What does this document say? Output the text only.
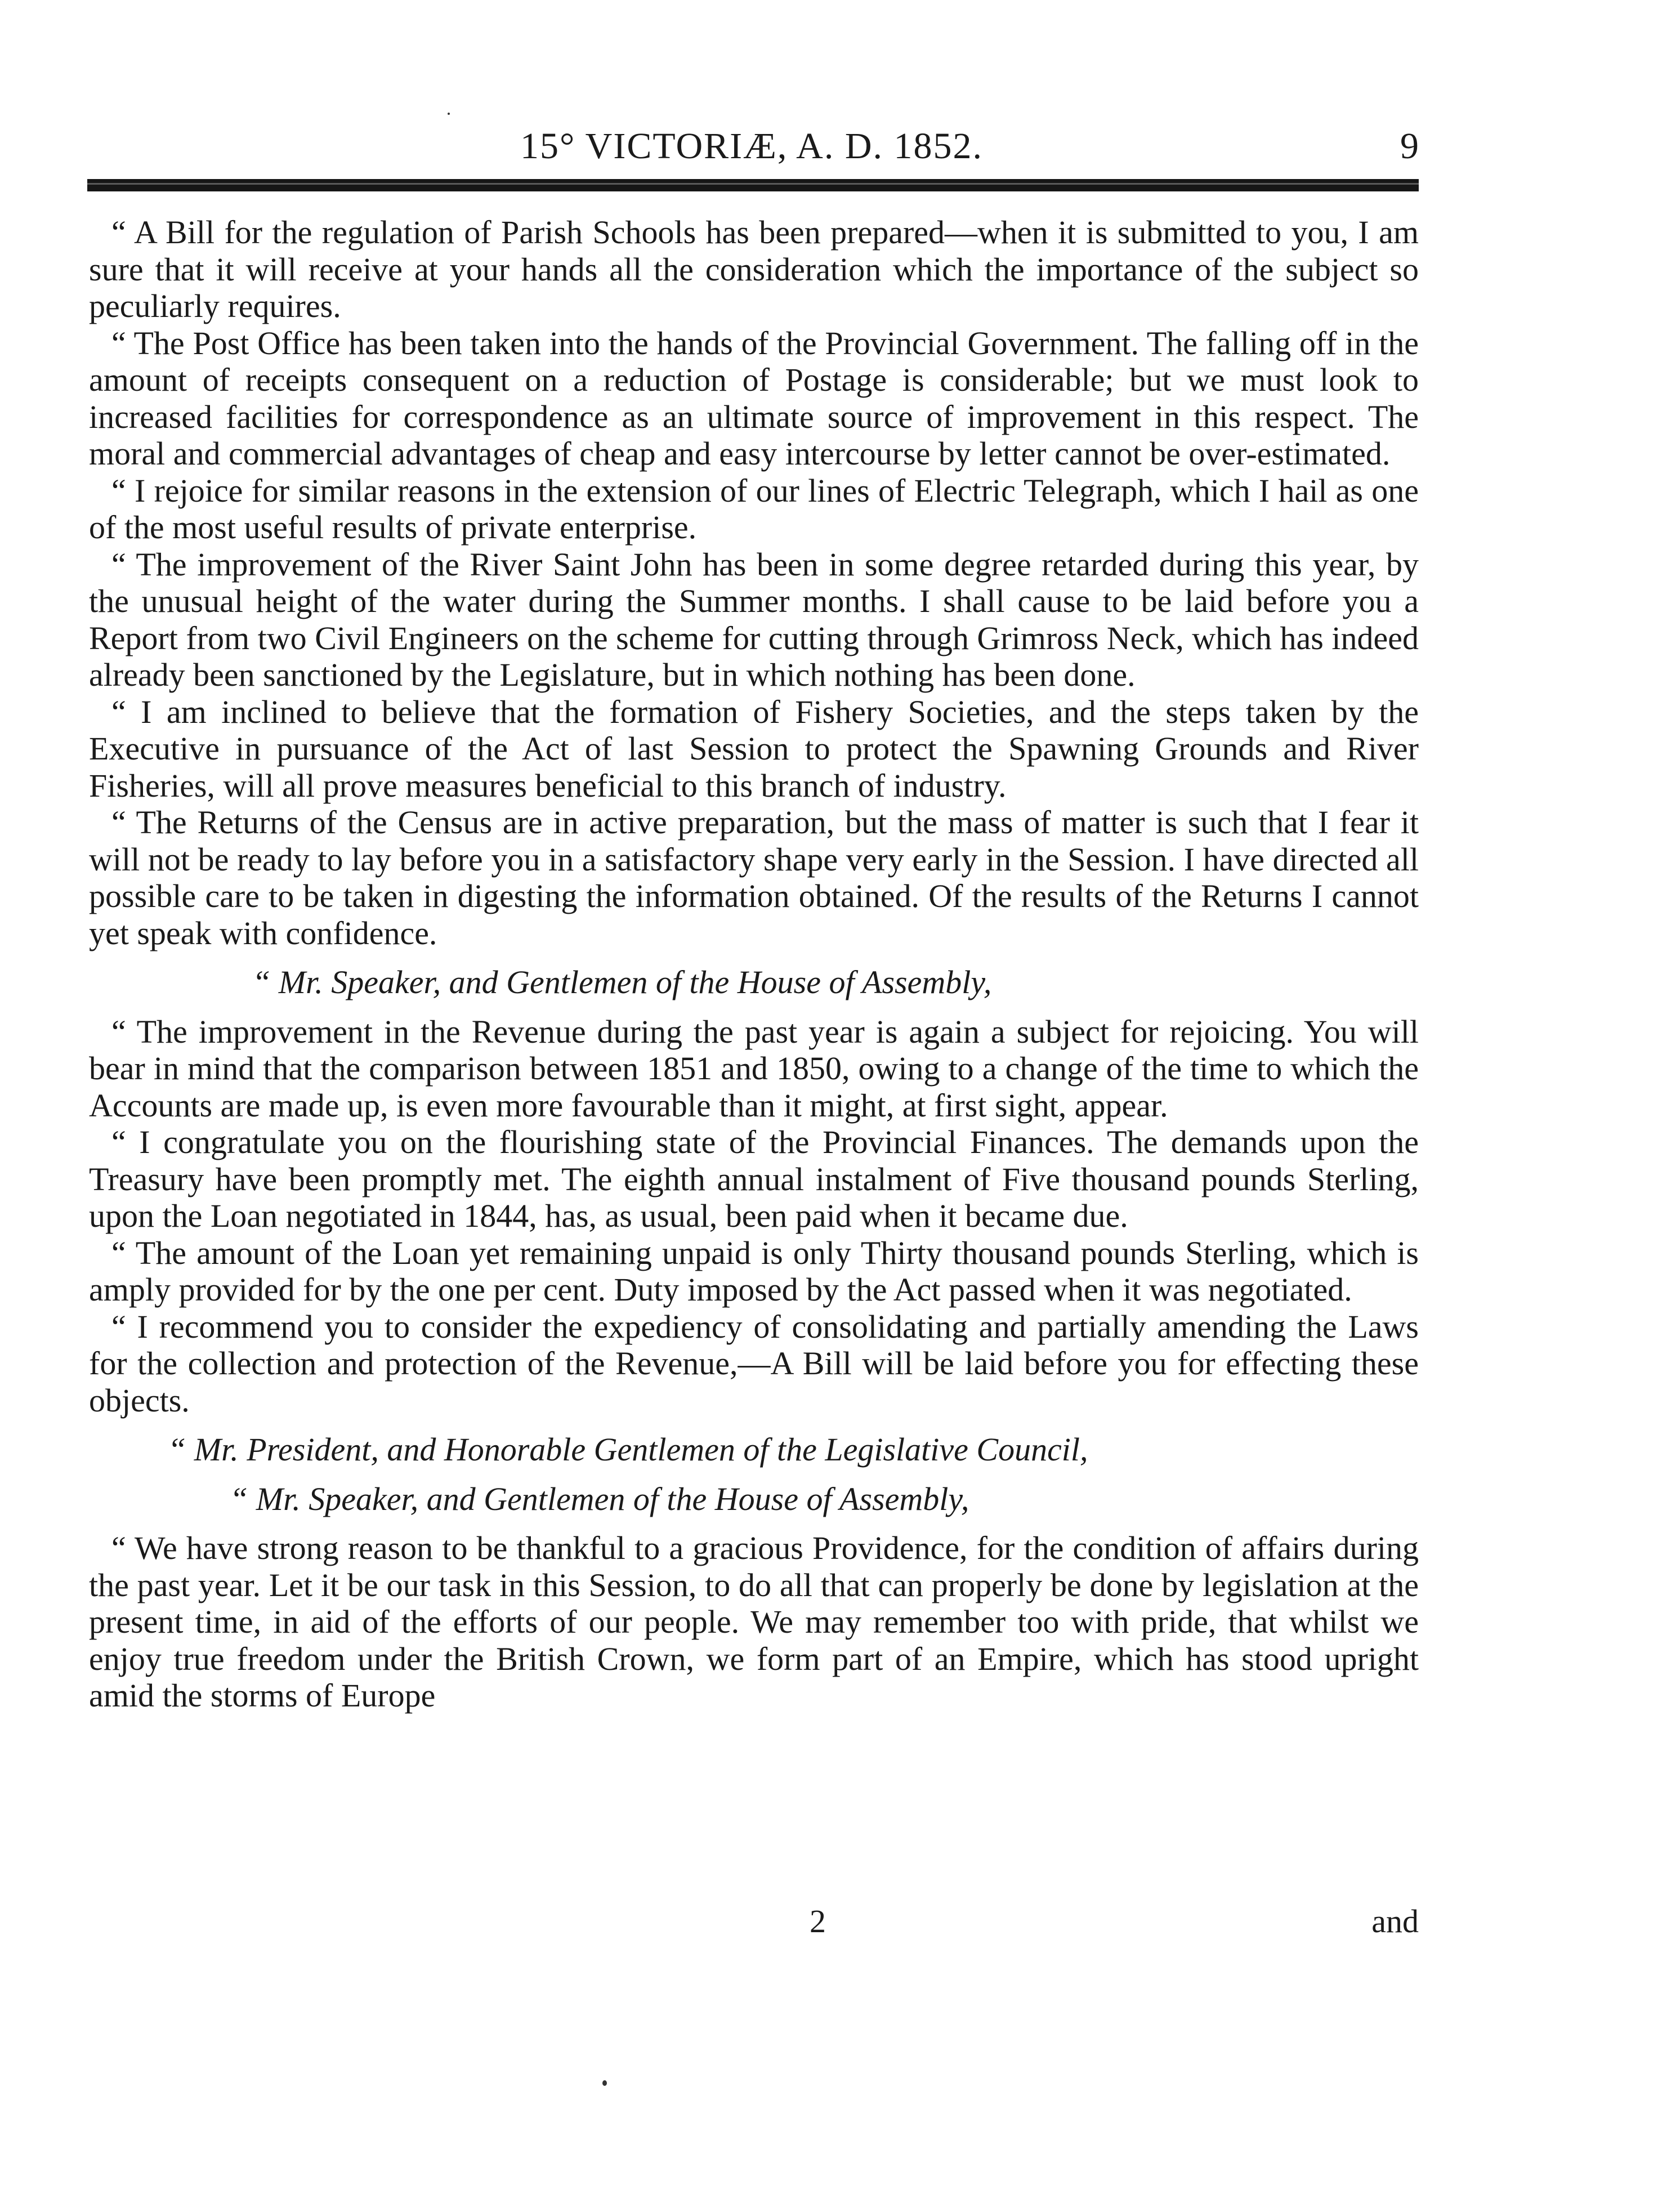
15° VICTORIÆ, A. D. 1852.	9

“ A Bill for the regulation of Parish Schools has been prepared—when it is submitted to you, I am sure that it will receive at your hands all the consideration which the importance of the subject so peculiarly requires.

“ The Post Office has been taken into the hands of the Provincial Government. The falling off in the amount of receipts consequent on a reduction of Postage is considerable; but we must look to increased facilities for correspondence as an ultimate source of improvement in this respect. The moral and commercial advantages of cheap and easy intercourse by letter cannot be over-estimated.

“ I rejoice for similar reasons in the extension of our lines of Electric Telegraph, which I hail as one of the most useful results of private enterprise.

“ The improvement of the River Saint John has been in some degree retarded during this year, by the unusual height of the water during the Summer months. I shall cause to be laid before you a Report from two Civil Engineers on the scheme for cutting through Grimross Neck, which has indeed already been sanctioned by the Legislature, but in which nothing has been done.

“ I am inclined to believe that the formation of Fishery Societies, and the steps taken by the Executive in pursuance of the Act of last Session to protect the Spawning Grounds and River Fisheries, will all prove measures beneficial to this branch of industry.

“ The Returns of the Census are in active preparation, but the mass of matter is such that I fear it will not be ready to lay before you in a satisfactory shape very early in the Session. I have directed all possible care to be taken in digesting the information obtained. Of the results of the Returns I cannot yet speak with confidence.

“ Mr. Speaker, and Gentlemen of the House of Assembly,

“ The improvement in the Revenue during the past year is again a subject for rejoicing. You will bear in mind that the comparison between 1851 and 1850, owing to a change of the time to which the Accounts are made up, is even more favourable than it might, at first sight, appear.

“ I congratulate you on the flourishing state of the Provincial Finances. The demands upon the Treasury have been promptly met. The eighth annual instalment of Five thousand pounds Sterling, upon the Loan negotiated in 1844, has, as usual, been paid when it became due.

“ The amount of the Loan yet remaining unpaid is only Thirty thousand pounds Sterling, which is amply provided for by the one per cent. Duty imposed by the Act passed when it was negotiated.

“ I recommend you to consider the expediency of consolidating and partially amending the Laws for the collection and protection of the Revenue,—A Bill will be laid before you for effecting these objects.

“ Mr. President, and Honorable Gentlemen of the Legislative Council,

“ Mr. Speaker, and Gentlemen of the House of Assembly,

“ We have strong reason to be thankful to a gracious Providence, for the condition of affairs during the past year. Let it be our task in this Session, to do all that can properly be done by legislation at the present time, in aid of the efforts of our people. We may remember too with pride, that whilst we enjoy true freedom under the British Crown, we form part of an Empire, which has stood upright amid the storms of Europe

2	and
